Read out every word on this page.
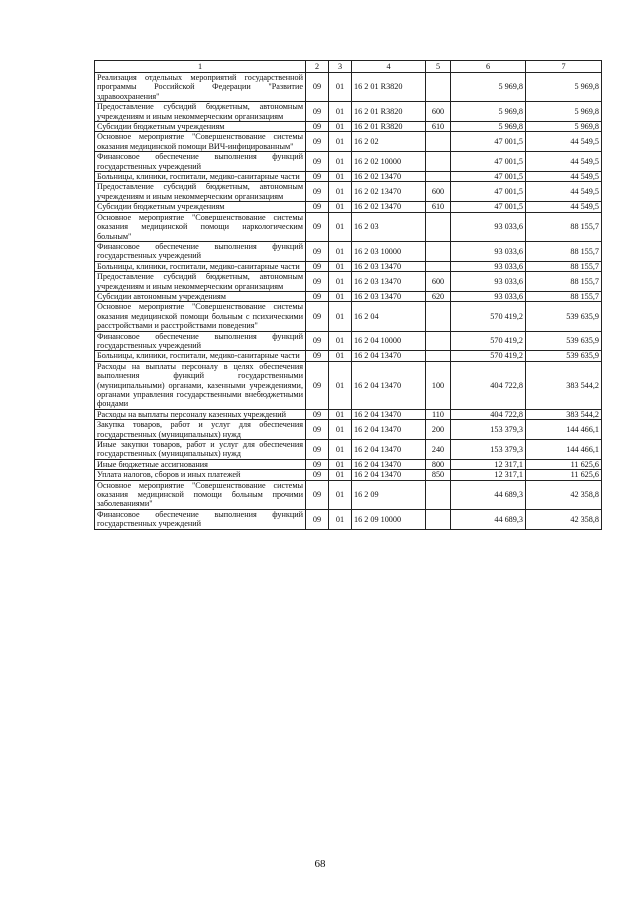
1	2	3	4	5	6	7
Реализация отдельных мероприятий государственной программы Российской Федерации "Развитие здравоохранения"	09	01	16 2 01 R3820		5 969,8	5 969,8
Предоставление субсидий бюджетным, автономным учреждениям и иным некоммерческим организациям	09	01	16 2 01 R3820	600	5 969,8	5 969,8
Субсидии бюджетным учреждениям	09	01	16 2 01 R3820	610	5 969,8	5 969,8
Основное мероприятие "Совершенствование системы оказания медицинской помощи ВИЧ-инфицированным"	09	01	16 2 02		47 001,5	44 549,5
Финансовое обеспечение выполнения функций государственных учреждений	09	01	16 2 02 10000		47 001,5	44 549,5
Больницы, клиники, госпитали, медико-санитарные части	09	01	16 2 02 13470		47 001,5	44 549,5
Предоставление субсидий бюджетным, автономным учреждениям и иным некоммерческим организациям	09	01	16 2 02 13470	600	47 001,5	44 549,5
Субсидии бюджетным учреждениям	09	01	16 2 02 13470	610	47 001,5	44 549,5
Основное мероприятие "Совершенствование системы оказания медицинской помощи наркологическим больным"	09	01	16 2 03		93 033,6	88 155,7
Финансовое обеспечение выполнения функций государственных учреждений	09	01	16 2 03 10000		93 033,6	88 155,7
Больницы, клиники, госпитали, медико-санитарные части	09	01	16 2 03 13470		93 033,6	88 155,7
Предоставление субсидий бюджетным, автономным учреждениям и иным некоммерческим организациям	09	01	16 2 03 13470	600	93 033,6	88 155,7
Субсидии автономным учреждениям	09	01	16 2 03 13470	620	93 033,6	88 155,7
Основное мероприятие "Совершенствование системы оказания медицинской помощи больным с психическими расстройствами и расстройствами поведения"	09	01	16 2 04		570 419,2	539 635,9
Финансовое обеспечение выполнения функций государственных учреждений	09	01	16 2 04 10000		570 419,2	539 635,9
Больницы, клиники, госпитали, медико-санитарные части	09	01	16 2 04 13470		570 419,2	539 635,9
Расходы на выплаты персоналу в целях обеспечения выполнения функций государственными (муниципальными) органами, казенными учреждениями, органами управления государственными внебюджетными фондами	09	01	16 2 04 13470	100	404 722,8	383 544,2
Расходы на выплаты персоналу казенных учреждений	09	01	16 2 04 13470	110	404 722,8	383 544,2
Закупка товаров, работ и услуг для обеспечения государственных (муниципальных) нужд	09	01	16 2 04 13470	200	153 379,3	144 466,1
Иные закупки товаров, работ и услуг для обеспечения государственных (муниципальных) нужд	09	01	16 2 04 13470	240	153 379,3	144 466,1
Иные бюджетные ассигнования	09	01	16 2 04 13470	800	12 317,1	11 625,6
Уплата налогов, сборов и иных платежей	09	01	16 2 04 13470	850	12 317,1	11 625,6
Основное мероприятие "Совершенствование системы оказания медицинской помощи больным прочими заболеваниями"	09	01	16 2 09		44 689,3	42 358,8
Финансовое обеспечение выполнения функций государственных учреждений	09	01	16 2 09 10000		44 689,3	42 358,8
68
